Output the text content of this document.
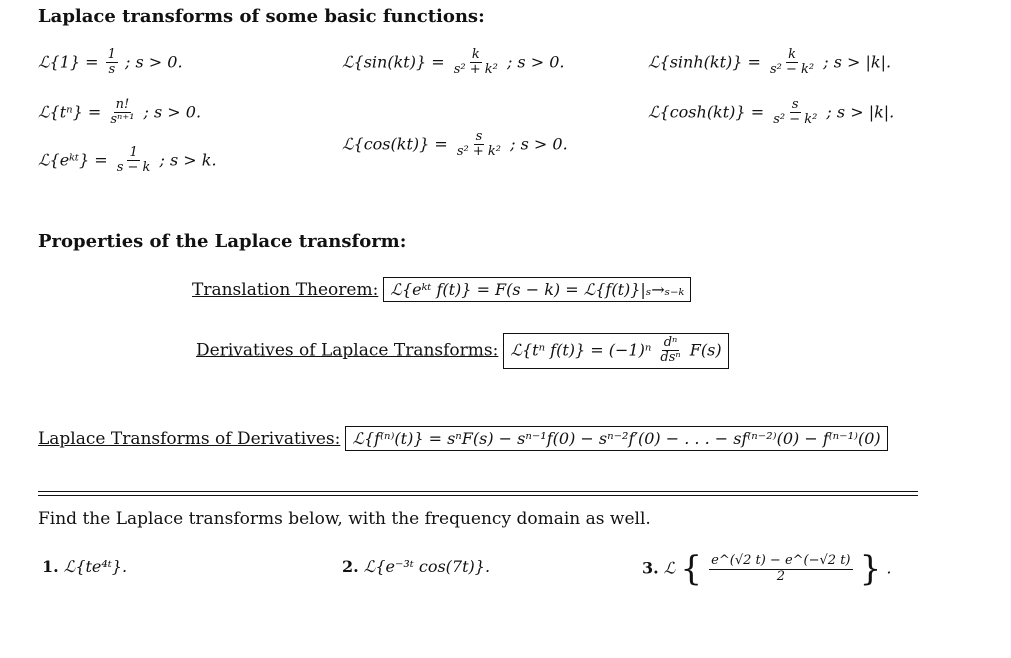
Laplace transforms of some basic functions:
ℒ{1} = $\frac{1}{s}$ ; s > 0.
ℒ{tⁿ} = $\frac{n!}{\text{sⁿ⁺¹}}$ ; s > 0.
ℒ{eᵏᵗ} = $\frac{1}{s - k}$ ; s > k.
ℒ{sin(kt)} = $\frac{k}{\text{s² + k²}}$ ; s > 0.
ℒ{cos(kt)} = $\frac{s}{\text{s² + k²}}$ ; s > 0.
ℒ{sinh(kt)} = $\frac{k}{\text{s² − k²}}$ ; s > |k|.
ℒ{cosh(kt)} = $\frac{s}{\text{s² − k²}}$ ; s > |k|.
Properties of the Laplace transform:
Translation Theorem: ℒ{eᵏᵗ f(t)} = F(s − k) = ℒ{f(t)}|ₛ→ₛ₋ₖ
Derivatives of Laplace Transforms: ℒ{tⁿ $f(t)\} = (-1)^n \frac{\text{dⁿ}}{\text{dsⁿ}} F(s)$
Laplace Transforms of Derivatives: ℒ{f⁽ⁿ⁾(t)} = sⁿF(s) − sⁿ⁻¹f(0) − sⁿ⁻²f′(0) − . . . − sf⁽ⁿ⁻²⁾(0) − f⁽ⁿ⁻¹⁾(0)
Find the Laplace transforms below, with the frequency domain as well.
1. ℒ{te⁴ᵗ}.	2. ℒ{e⁻³ᵗ cos(7t)}.	3. ℒ { $\frac{e\^{}(√2 t) - e\^{}(-√2 t)}{2}$ } .
